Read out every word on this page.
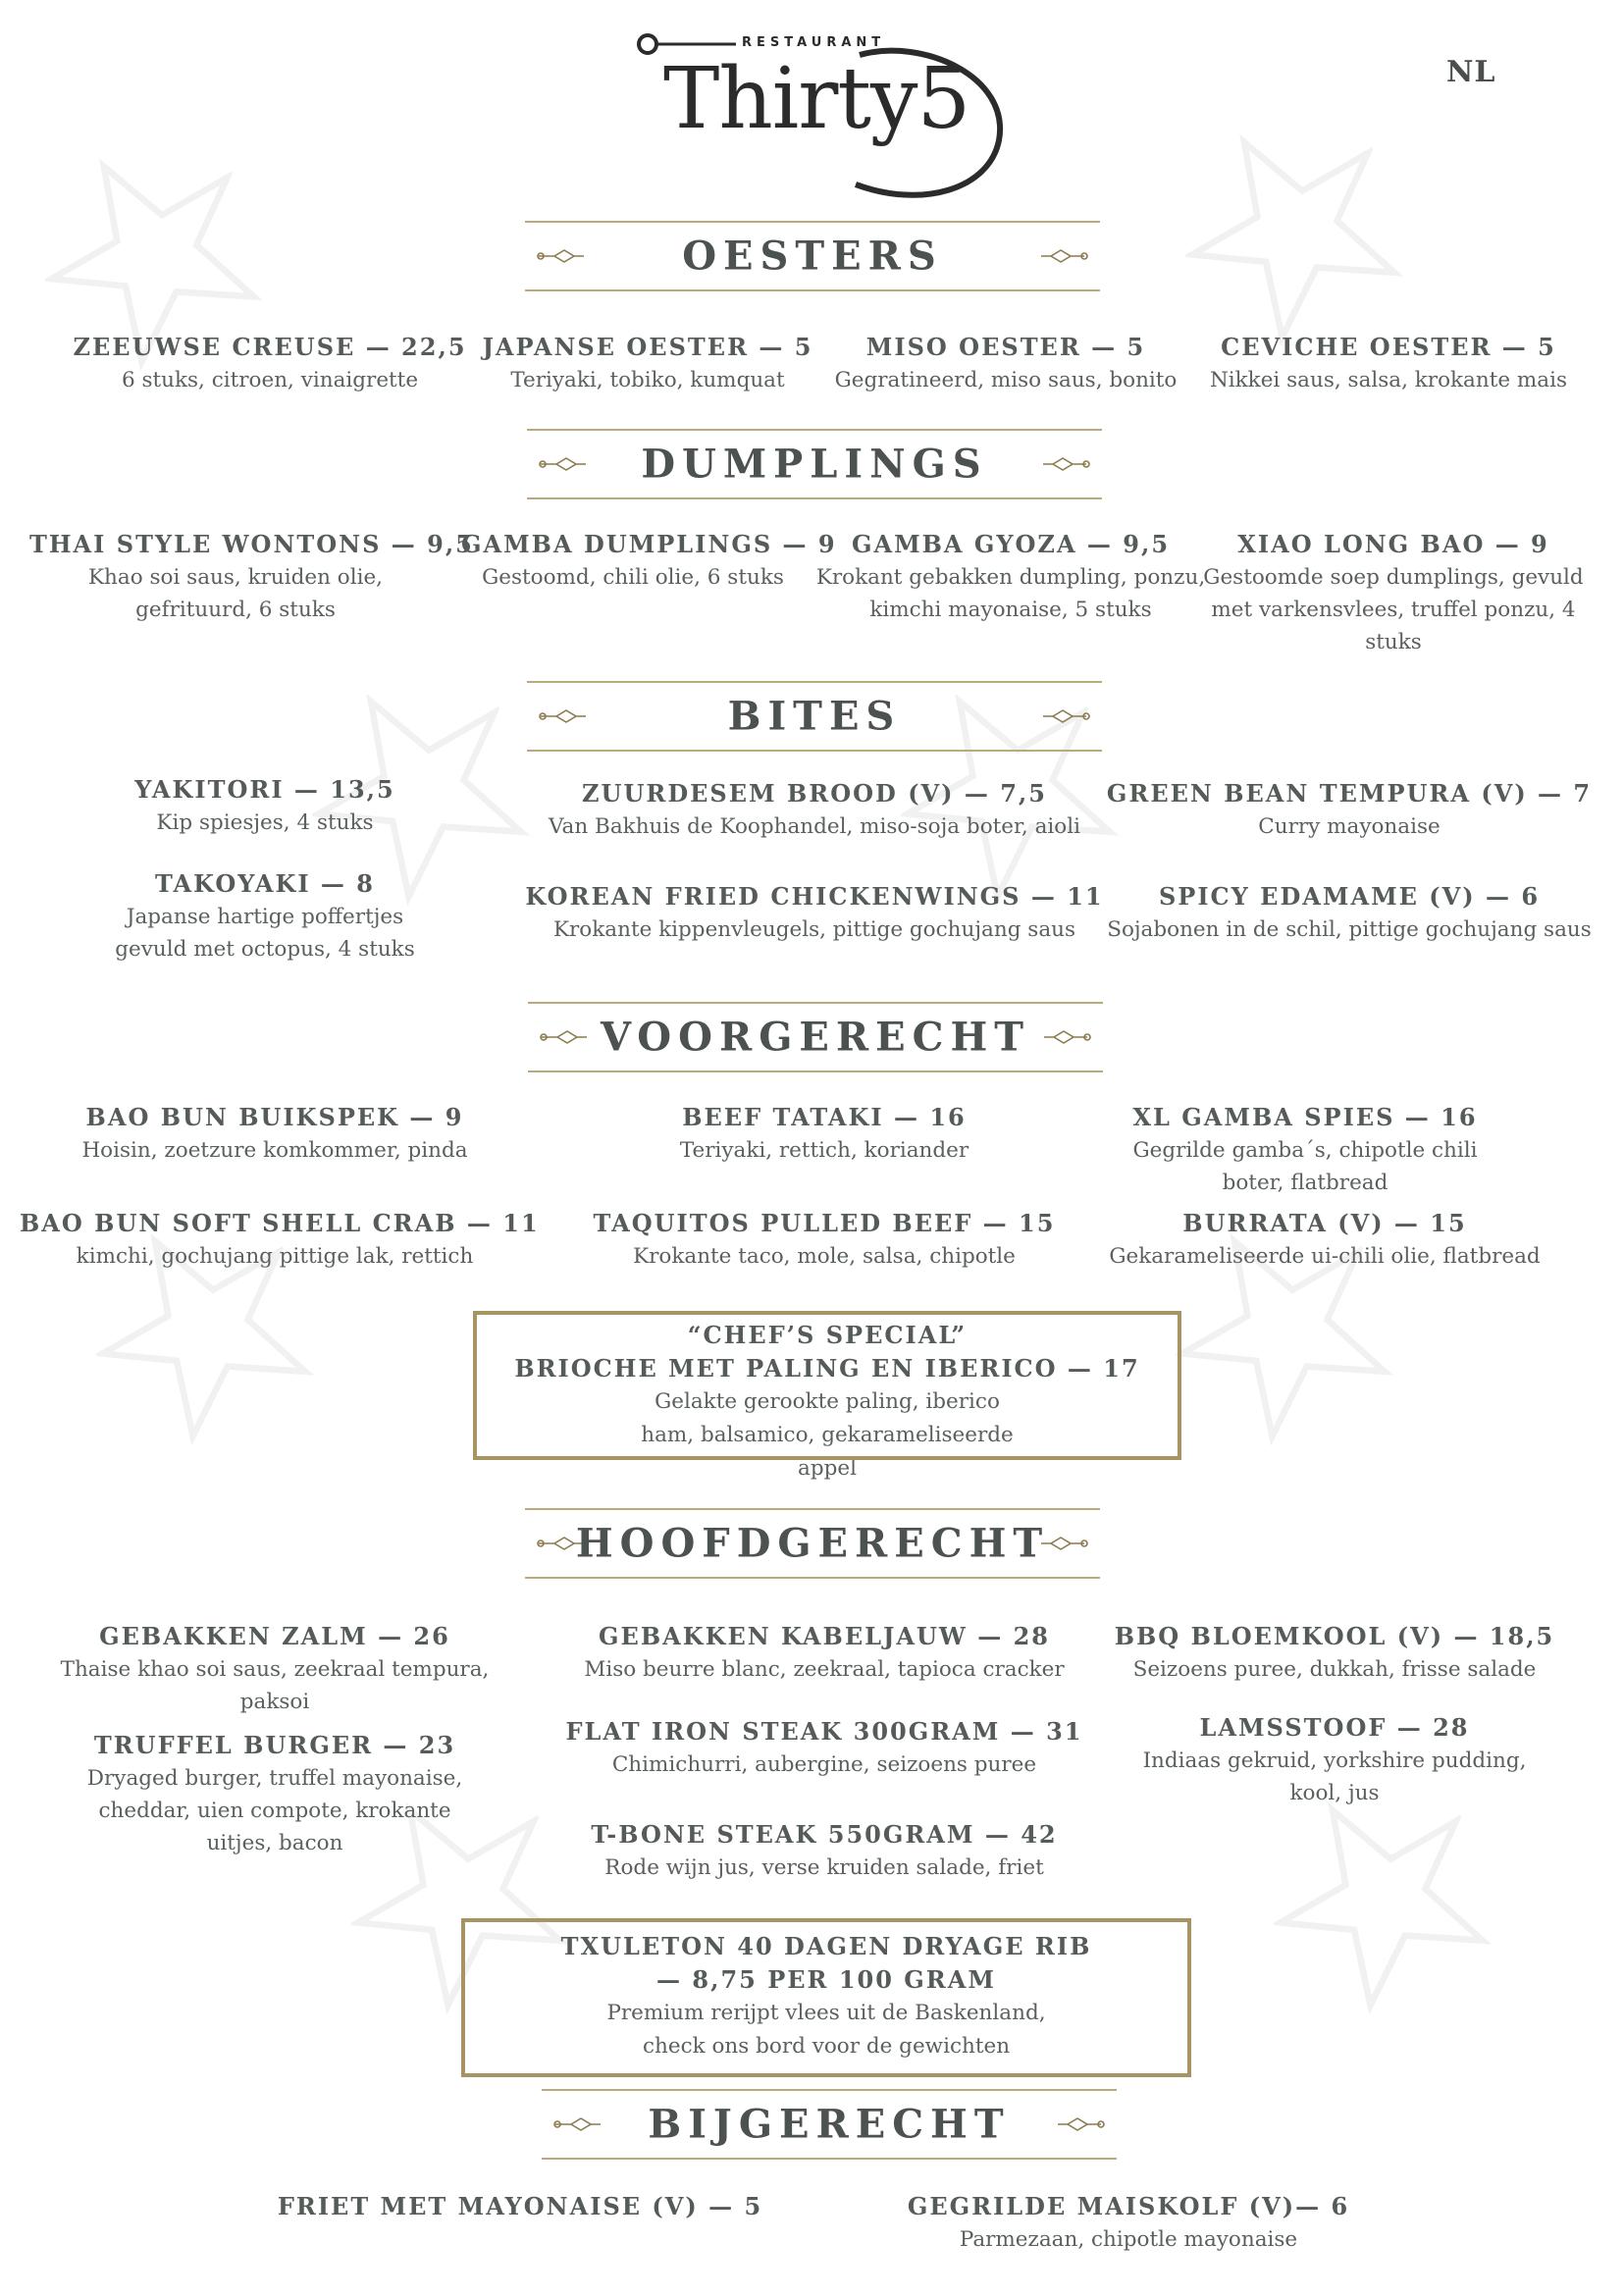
RESTAURANT
Thirty5	NL
OESTERS
ZEEUWSE CREUSE — 22,5
6 stuks, citroen, vinaigrette
JAPANSE OESTER — 5
Teriyaki, tobiko, kumquat
MISO OESTER — 5
Gegratineerd, miso saus, bonito
CEVICHE OESTER — 5
Nikkei saus, salsa, krokante mais
DUMPLINGS
THAI STYLE WONTONS — 9,5
Khao soi saus, kruiden olie, gefrituurd, 6 stuks
GAMBA DUMPLINGS — 9
Gestoomd, chili olie, 6 stuks
GAMBA GYOZA — 9,5
Krokant gebakken dumpling, ponzu, kimchi mayonaise, 5 stuks
XIAO LONG BAO — 9
Gestoomde soep dumplings, gevuld met varkensvlees, truffel ponzu, 4 stuks
BITES
YAKITORI — 13,5
Kip spiesjes, 4 stuks
ZUURDESEM BROOD (V) — 7,5
Van Bakhuis de Koophandel, miso-soja boter, aioli
GREEN BEAN TEMPURA (V) — 7
Curry mayonaise
TAKOYAKI — 8
Japanse hartige poffertjes gevuld met octopus, 4 stuks
KOREAN FRIED CHICKENWINGS — 11
Krokante kippenvleugels, pittige gochujang saus
SPICY EDAMAME (V) — 6
Sojabonen in de schil, pittige gochujang saus
VOORGERECHT
BAO BUN BUIKSPEK — 9
Hoisin, zoetzure komkommer, pinda
BEEF TATAKI — 16
Teriyaki, rettich, koriander
XL GAMBA SPIES — 16
Gegrilde gamba´s, chipotle chili boter, flatbread
BAO BUN SOFT SHELL CRAB — 11
kimchi, gochujang pittige lak, rettich
TAQUITOS PULLED BEEF — 15
Krokante taco, mole, salsa, chipotle
BURRATA (V) — 15
Gekarameliseerde ui-chili olie, flatbread
“CHEF’S SPECIAL”
BRIOCHE MET PALING EN IBERICO — 17
Gelakte gerookte paling, iberico ham, balsamico, gekarameliseerde appel
HOOFDGERECHT
GEBAKKEN ZALM — 26
Thaise khao soi saus, zeekraal tempura, paksoi
GEBAKKEN KABELJAUW — 28
Miso beurre blanc, zeekraal, tapioca cracker
BBQ BLOEMKOOL (V) — 18,5
Seizoens puree, dukkah, frisse salade
TRUFFEL BURGER — 23
Dryaged burger, truffel mayonaise, cheddar, uien compote, krokante uitjes, bacon
FLAT IRON STEAK 300GRAM — 31
Chimichurri, aubergine, seizoens puree
LAMSSTOOF — 28
Indiaas gekruid, yorkshire pudding, kool, jus
T-BONE STEAK 550GRAM — 42
Rode wijn jus, verse kruiden salade, friet
TXULETON 40 DAGEN DRYAGE RIB
— 8,75 PER 100 GRAM
Premium rerijpt vlees uit de Baskenland, check ons bord voor de gewichten
BIJGERECHT
FRIET MET MAYONAISE (V) — 5	GEGRILDE MAISKOLF (V)— 6
Parmezaan, chipotle mayonaise
